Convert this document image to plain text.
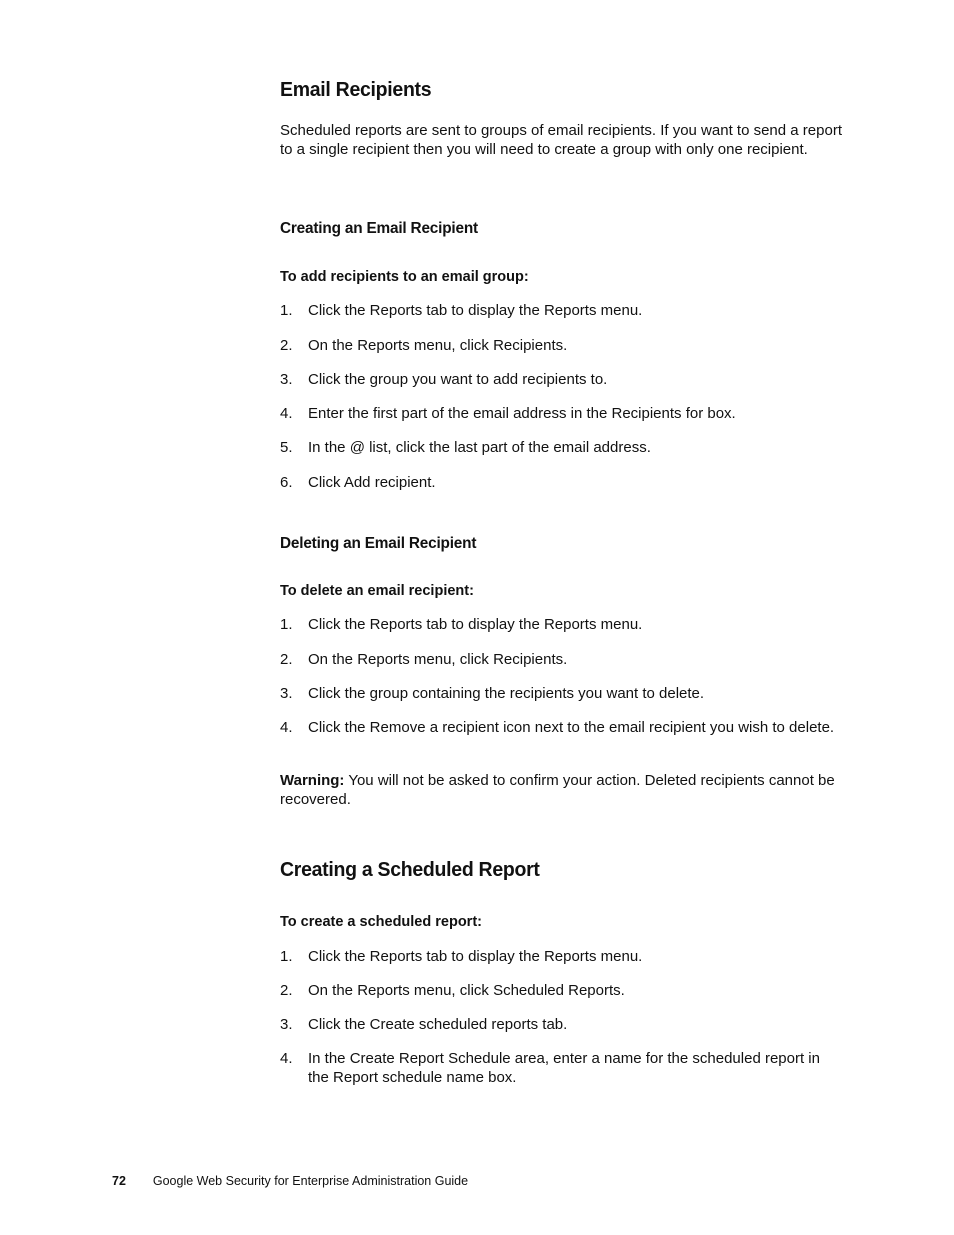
Email Recipients

Scheduled reports are sent to groups of email recipients. If you want to send a report to a single recipient then you will need to create a group with only one recipient.

Creating an Email Recipient
To add recipients to an email group:
1. Click the Reports tab to display the Reports menu.
2. On the Reports menu, click Recipients.
3. Click the group you want to add recipients to.
4. Enter the first part of the email address in the Recipients for box.
5. In the @ list, click the last part of the email address.
6. Click Add recipient.
Deleting an Email Recipient
To delete an email recipient:
1. Click the Reports tab to display the Reports menu.
2. On the Reports menu, click Recipients.
3. Click the group containing the recipients you want to delete.
4. Click the Remove a recipient icon next to the email recipient you wish to delete.

Warning: You will not be asked to confirm your action. Deleted recipients cannot be recovered.

Creating a Scheduled Report
To create a scheduled report:
1. Click the Reports tab to display the Reports menu.
2. On the Reports menu, click Scheduled Reports.
3. Click the Create scheduled reports tab.
4. In the Create Report Schedule area, enter a name for the scheduled report in the Report schedule name box.
72 Google Web Security for Enterprise Administration Guide
